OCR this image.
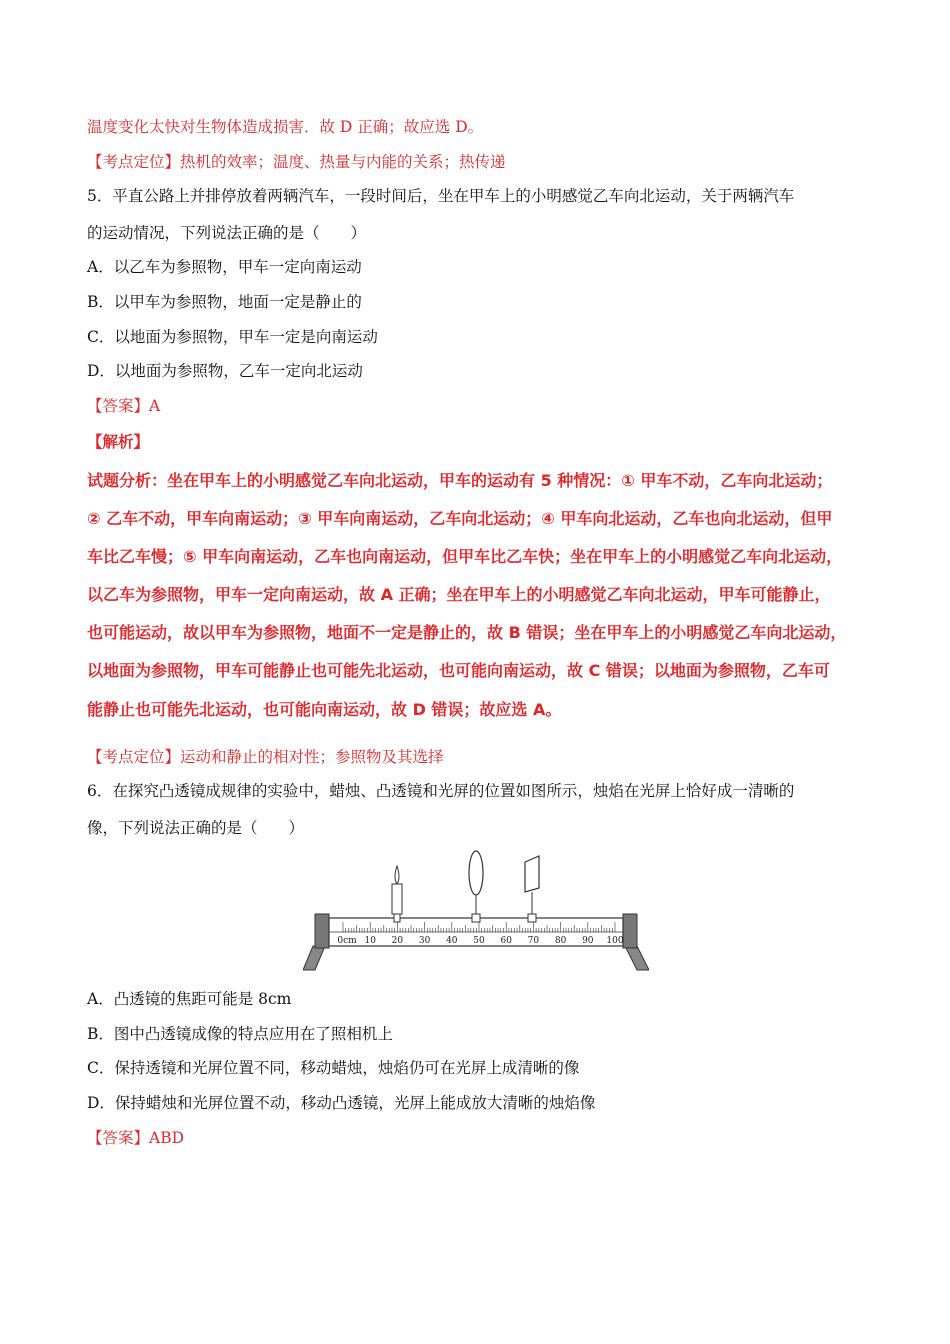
温度变化太快对生物体造成损害．故 D 正确；故应选 D。
【考点定位】热机的效率；温度、热量与内能的关系；热传递
5．平直公路上并排停放着两辆汽车，一段时间后，坐在甲车上的小明感觉乙车向北运动，关于两辆汽车
的运动情况，下列说法正确的是（　　）
A．以乙车为参照物，甲车一定向南运动
B．以甲车为参照物，地面一定是静止的
C．以地面为参照物，甲车一定是向南运动
D．以地面为参照物，乙车一定向北运动
【答案】A
【解析】
试题分析：坐在甲车上的小明感觉乙车向北运动，甲车的运动有 5 种情况：① 甲车不动，乙车向北运动；
② 乙车不动，甲车向南运动；③ 甲车向南运动，乙车向北运动；④ 甲车向北运动，乙车也向北运动，但甲
车比乙车慢；⑤ 甲车向南运动，乙车也向南运动，但甲车比乙车快；坐在甲车上的小明感觉乙车向北运动，
以乙车为参照物，甲车一定向南运动，故 A 正确；坐在甲车上的小明感觉乙车向北运动，甲车可能静止，
也可能运动，故以甲车为参照物，地面不一定是静止的，故 B 错误；坐在甲车上的小明感觉乙车向北运动，
以地面为参照物，甲车可能静止也可能先北运动，也可能向南运动，故 C 错误；以地面为参照物，乙车可
能静止也可能先北运动，也可能向南运动，故 D 错误；故应选 A。
【考点定位】运动和静止的相对性；参照物及其选择
6．在探究凸透镜成规律的实验中，蜡烛、凸透镜和光屏的位置如图所示，烛焰在光屏上恰好成一清晰的
像，下列说法正确的是（　　）
0cm 10 20 30 40 50 60 70 80 90 100
A．凸透镜的焦距可能是 8cm
B．图中凸透镜成像的特点应用在了照相机上
C．保持透镜和光屏位置不同，移动蜡烛，烛焰仍可在光屏上成清晰的像
D．保持蜡烛和光屏位置不动，移动凸透镜，光屏上能成放大清晰的烛焰像
【答案】ABD
